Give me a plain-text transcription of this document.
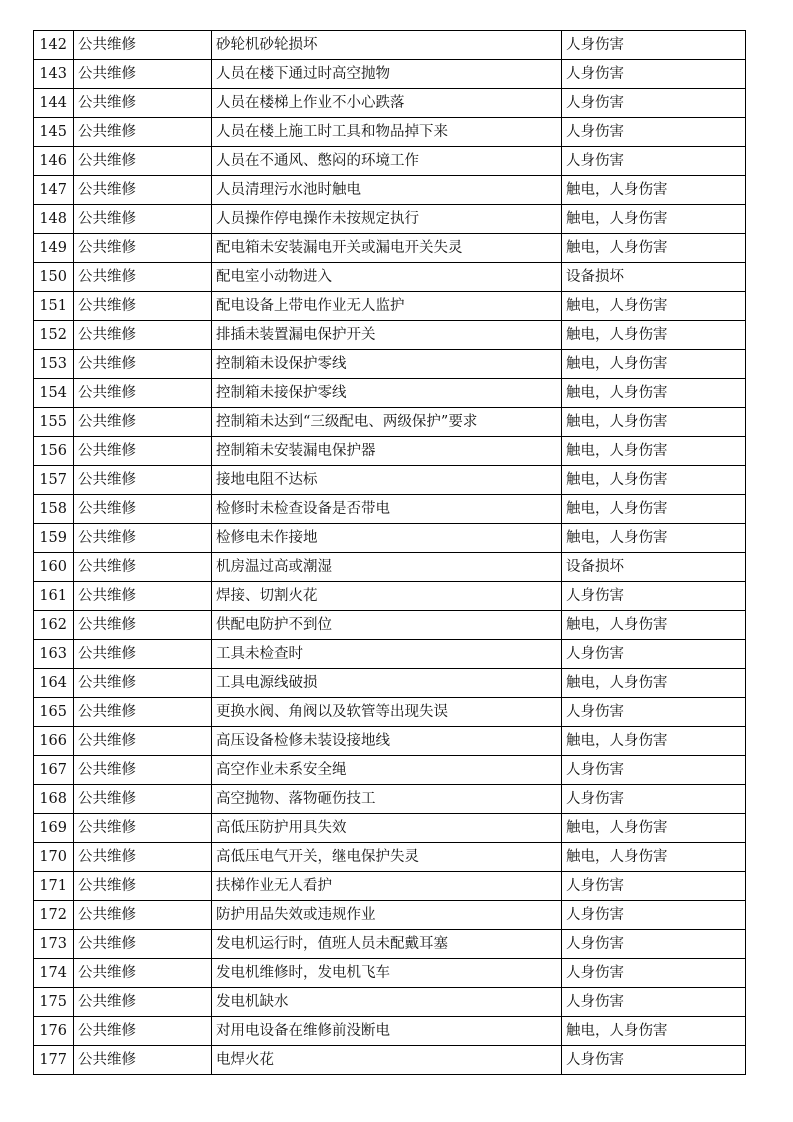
142	公共维修	砂轮机砂轮损坏	人身伤害
143	公共维修	人员在楼下通过时高空抛物	人身伤害
144	公共维修	人员在楼梯上作业不小心跌落	人身伤害
145	公共维修	人员在楼上施工时工具和物品掉下来	人身伤害
146	公共维修	人员在不通风、憋闷的环境工作	人身伤害
147	公共维修	人员清理污水池时触电	触电，人身伤害
148	公共维修	人员操作停电操作未按规定执行	触电，人身伤害
149	公共维修	配电箱未安装漏电开关或漏电开关失灵	触电，人身伤害
150	公共维修	配电室小动物进入	设备损坏
151	公共维修	配电设备上带电作业无人监护	触电，人身伤害
152	公共维修	排插未装置漏电保护开关	触电，人身伤害
153	公共维修	控制箱未设保护零线	触电，人身伤害
154	公共维修	控制箱未接保护零线	触电，人身伤害
155	公共维修	控制箱未达到“三级配电、两级保护”要求	触电，人身伤害
156	公共维修	控制箱未安装漏电保护器	触电，人身伤害
157	公共维修	接地电阻不达标	触电，人身伤害
158	公共维修	检修时未检查设备是否带电	触电，人身伤害
159	公共维修	检修电未作接地	触电，人身伤害
160	公共维修	机房温过高或潮湿	设备损坏
161	公共维修	焊接、切割火花	人身伤害
162	公共维修	供配电防护不到位	触电，人身伤害
163	公共维修	工具未检查时	人身伤害
164	公共维修	工具电源线破损	触电，人身伤害
165	公共维修	更换水阀、角阀以及软管等出现失误	人身伤害
166	公共维修	高压设备检修未装设接地线	触电，人身伤害
167	公共维修	高空作业未系安全绳	人身伤害
168	公共维修	高空抛物、落物砸伤技工	人身伤害
169	公共维修	高低压防护用具失效	触电，人身伤害
170	公共维修	高低压电气开关，继电保护失灵	触电，人身伤害
171	公共维修	扶梯作业无人看护	人身伤害
172	公共维修	防护用品失效或违规作业	人身伤害
173	公共维修	发电机运行时，值班人员未配戴耳塞	人身伤害
174	公共维修	发电机维修时，发电机飞车	人身伤害
175	公共维修	发电机缺水	人身伤害
176	公共维修	对用电设备在维修前没断电	触电，人身伤害
177	公共维修	电焊火花	人身伤害
